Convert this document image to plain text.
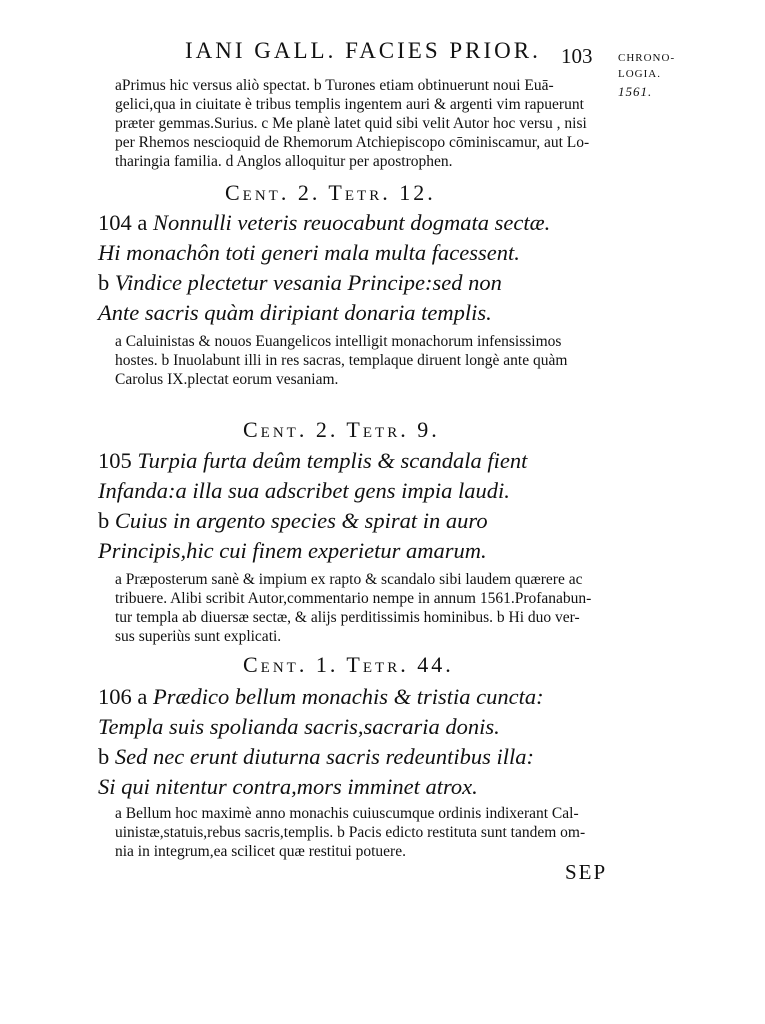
IANI GALL. FACIES PRIOR. 103 CHRONO-
LOGIA.
1561.

aPrimus hic versus aliò spectat. b Turones etiam obtinuerunt noui Euā-

gelici,qua in ciuitate è tribus templis ingentem auri & argenti vim rapuerunt

præter gemmas.Surius. c Me planè latet quid sibi velit Autor hoc versu , nisi

per Rhemos nescioquid de Rhemorum Atchiepiscopo cōminiscamur, aut Lo-

tharingia familia. d Anglos alloquitur per apostrophen.

Cent. 2. Tetr. 12.
104 a Nonnulli veteris reuocabunt dogmata sectæ.
Hi monachôn toti generi mala multa facessent.
b Vindice plectetur vesania Principe:sed non
Ante sacris quàm diripiant donaria templis.

a Caluinistas & nouos Euangelicos intelligit monachorum infensissimos

hostes. b Inuolabunt illi in res sacras, templaque diruent longè ante quàm

Carolus IX.plectat eorum vesaniam.

Cent. 2. Tetr. 9.
105 Turpia furta deûm templis & scandala fient
Infanda:a illa sua adscribet gens impia laudi.
b Cuius in argento species & spirat in auro
Principis,hic cui finem experietur amarum.

a Præposterum sanè & impium ex rapto & scandalo sibi laudem quærere ac

tribuere. Alibi scribit Autor,commentario nempe in annum 1561.Profanabun-

tur templa ab diuersæ sectæ, & alijs perditissimis hominibus. b Hi duo ver-

sus superiùs sunt explicati.

Cent. 1. Tetr. 44.
106 a Prædico bellum monachis & tristia cuncta:
Templa suis spolianda sacris,sacraria donis.
b Sed nec erunt diuturna sacris redeuntibus illa:
Si qui nitentur contra,mors imminet atrox.

a Bellum hoc maximè anno monachis cuiuscumque ordinis indixerant Cal-

uinistæ,statuis,rebus sacris,templis. b Pacis edicto restituta sunt tandem om-

nia in integrum,ea scilicet quæ restitui potuere.

SEP
